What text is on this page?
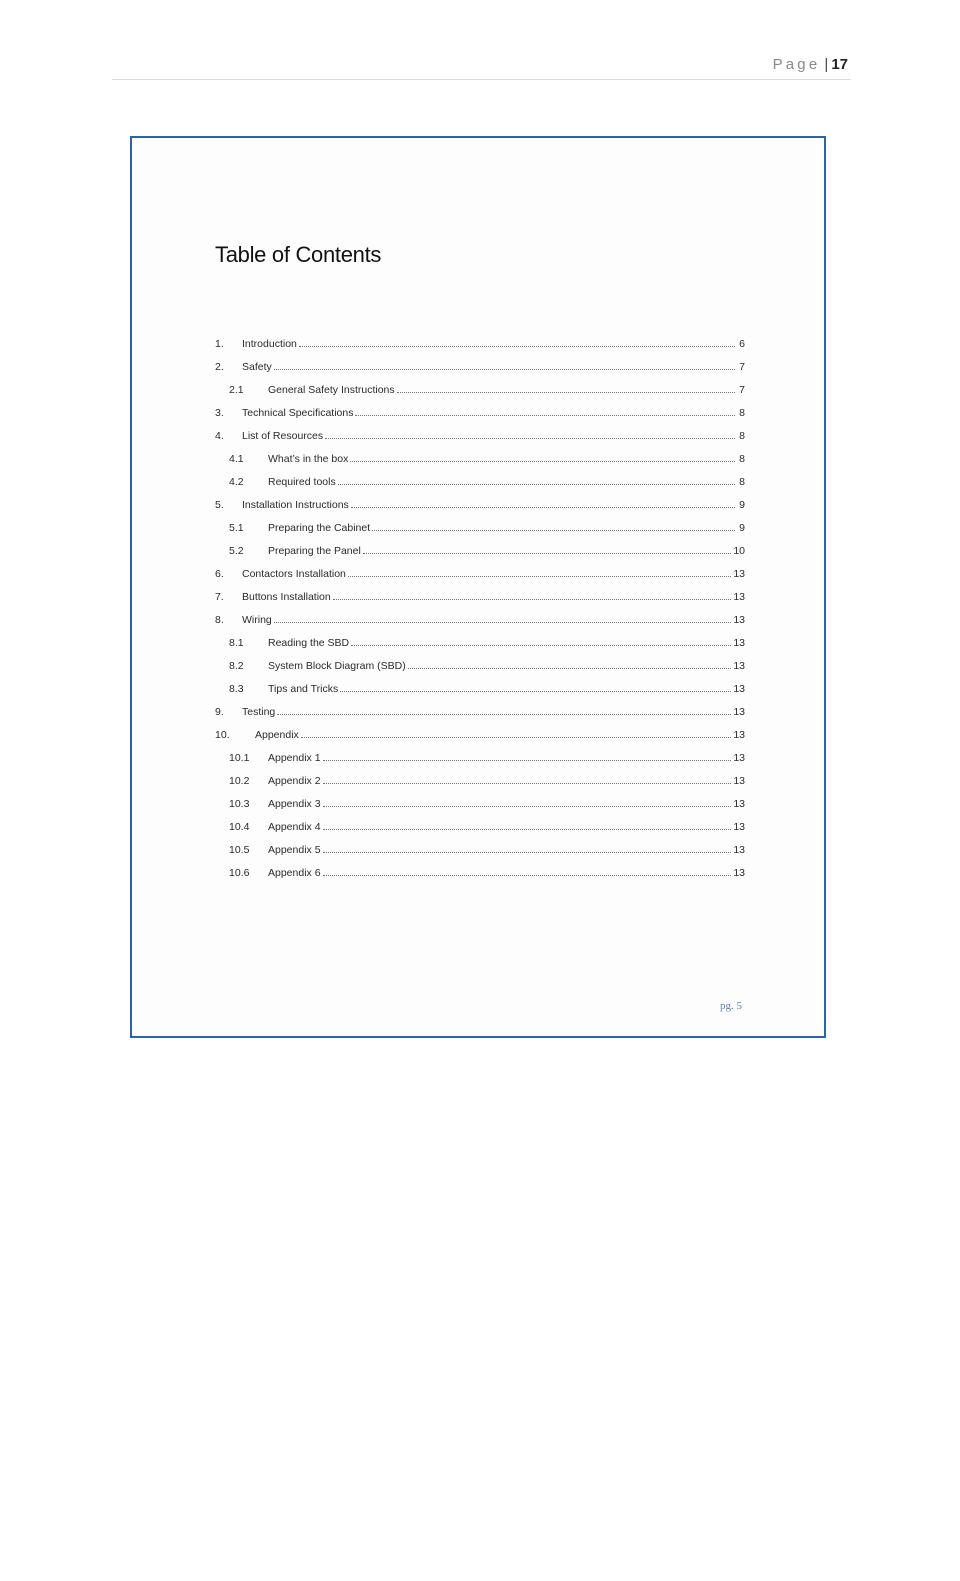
Page | 17
Table of Contents
1.	Introduction	6
2.	Safety	7
2.1	General Safety Instructions	7
3.	Technical Specifications	8
4.	List of Resources	8
4.1	What’s in the box	8
4.2	Required tools	8
5.	Installation Instructions	9
5.1	Preparing the Cabinet	9
5.2	Preparing the Panel	10
6.	Contactors Installation	13
7.	Buttons Installation	13
8.	Wiring	13
8.1	Reading the SBD	13
8.2	System Block Diagram (SBD)	13
8.3	Tips and Tricks	13
9.	Testing	13
10.	Appendix	13
10.1	Appendix 1	13
10.2	Appendix 2	13
10.3	Appendix 3	13
10.4	Appendix 4	13
10.5	Appendix 5	13
10.6	Appendix 6	13
pg. 5
